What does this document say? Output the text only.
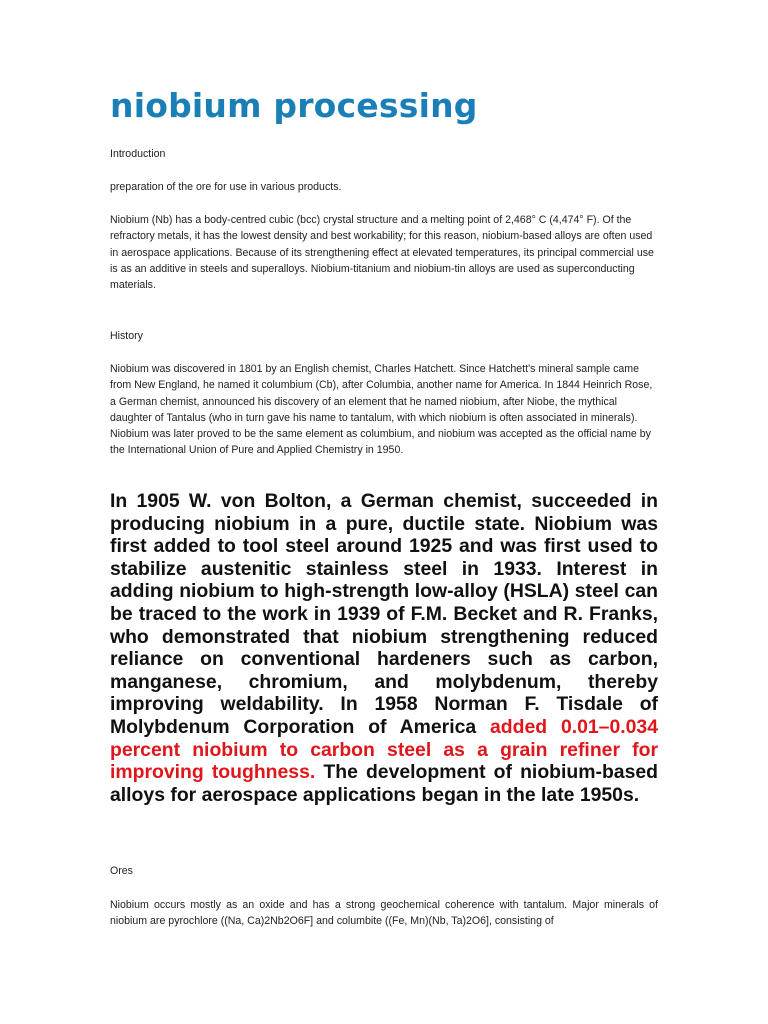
niobium processing

Introduction

preparation of the ore for use in various products.

Niobium (Nb) has a body-centred cubic (bcc) crystal structure and a melting point of 2,468° C (4,474° F). Of the refractory metals, it has the lowest density and best workability; for this reason, niobium-based alloys are often used in aerospace applications. Because of its strengthening effect at elevated temperatures, its principal commercial use is as an additive in steels and superalloys. Niobium-titanium and niobium-tin alloys are used as superconducting materials.

History

Niobium was discovered in 1801 by an English chemist, Charles Hatchett. Since Hatchett's mineral sample came from New England, he named it columbium (Cb), after Columbia, another name for America. In 1844 Heinrich Rose, a German chemist, announced his discovery of an element that he named niobium, after Niobe, the mythical daughter of Tantalus (who in turn gave his name to tantalum, with which niobium is often associated in minerals). Niobium was later proved to be the same element as columbium, and niobium was accepted as the official name by the International Union of Pure and Applied Chemistry in 1950.

In 1905 W. von Bolton, a German chemist, succeeded in producing niobium in a pure, ductile state. Niobium was first added to tool steel around 1925 and was first used to stabilize austenitic stainless steel in 1933. Interest in adding niobium to high-strength low-alloy (HSLA) steel can be traced to the work in 1939 of F.M. Becket and R. Franks, who demonstrated that niobium strengthening reduced reliance on conventional hardeners such as carbon, manganese, chromium, and molybdenum, thereby improving weldability. In 1958 Norman F. Tisdale of Molybdenum Corporation of America added 0.01–0.034 percent niobium to carbon steel as a grain refiner for improving toughness. The development of niobium-based alloys for aerospace applications began in the late 1950s.

Ores

Niobium occurs mostly as an oxide and has a strong geochemical coherence with tantalum. Major minerals of niobium are pyrochlore ((Na, Ca)2Nb2O6F] and columbite ((Fe, Mn)(Nb, Ta)2O6], consisting of
